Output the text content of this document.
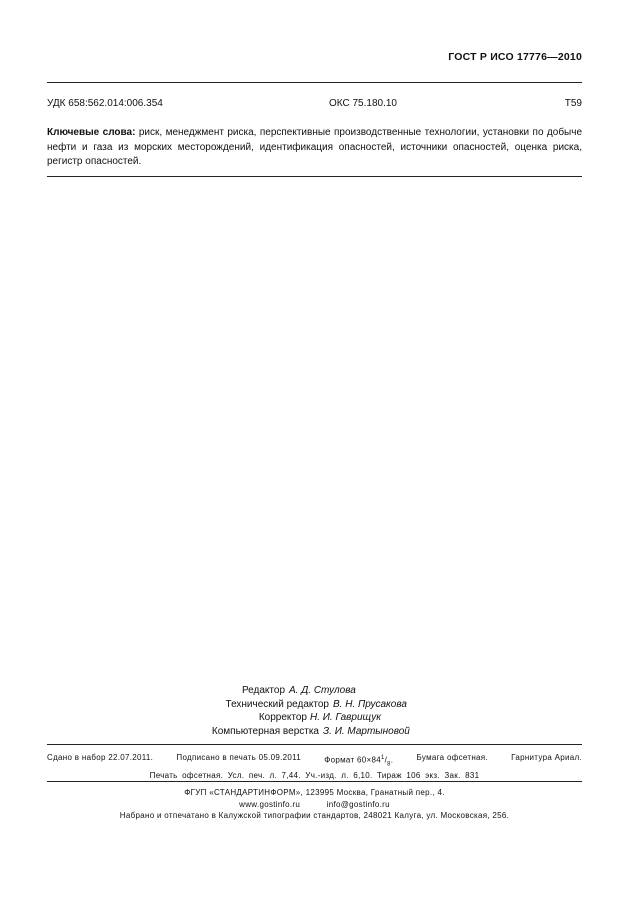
ГОСТ Р ИСО 17776—2010
УДК 658:562.014:006.354	ОКС 75.180.10	Т59
Ключевые слова: риск, менеджмент риска, перспективные производственные технологии, установки по добыче нефти и газа из морских месторождений, идентификация опасностей, источники опасностей, оценка риска, регистр опасностей.
Редактор А. Д. Стулова
Технический редактор В. Н. Прусакова
Корректор Н. И. Гаврищук
Компьютерная верстка З. И. Мартыновой
Сдано в набор 22.07.2011.	Подписано в печать 05.09.2011	Формат $60\times 84^1/_8$.	Бумага офсетная.	Гарнитура Ариал.
Печать офсетная. Усл. печ. л. 7,44. Уч.-изд. л. 6,10. Тираж 106 экз. Зак. 831
ФГУП «СТАНДАРТИНФОРМ», 123995 Москва, Гранатный пер., 4.
www.gostinfo.ru	info@gostinfo.ru
Набрано и отпечатано в Калужской типографии стандартов, 248021 Калуга, ул. Московская, 256.
